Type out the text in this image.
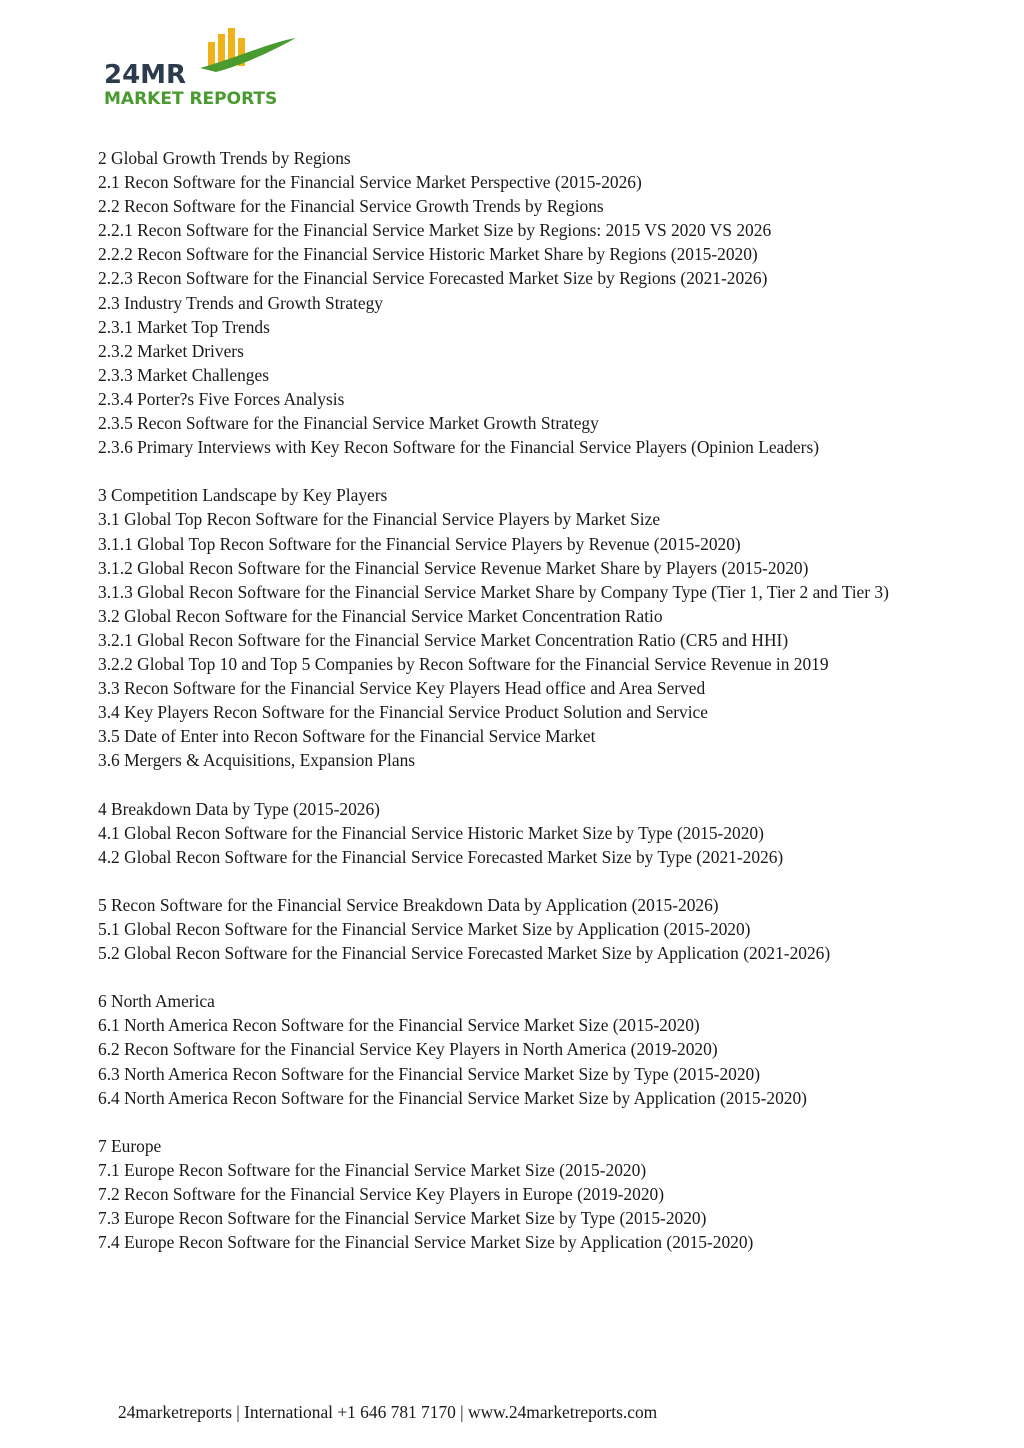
24MR
MARKET REPORTS
2 Global Growth Trends by Regions
2.1 Recon Software for the Financial Service Market Perspective (2015-2026)
2.2 Recon Software for the Financial Service Growth Trends by Regions
2.2.1 Recon Software for the Financial Service Market Size by Regions: 2015 VS 2020 VS 2026
2.2.2 Recon Software for the Financial Service Historic Market Share by Regions (2015-2020)
2.2.3 Recon Software for the Financial Service Forecasted Market Size by Regions (2021-2026)
2.3 Industry Trends and Growth Strategy
2.3.1 Market Top Trends
2.3.2 Market Drivers
2.3.3 Market Challenges
2.3.4 Porter?s Five Forces Analysis
2.3.5 Recon Software for the Financial Service Market Growth Strategy
2.3.6 Primary Interviews with Key Recon Software for the Financial Service Players (Opinion Leaders)
3 Competition Landscape by Key Players
3.1 Global Top Recon Software for the Financial Service Players by Market Size
3.1.1 Global Top Recon Software for the Financial Service Players by Revenue (2015-2020)
3.1.2 Global Recon Software for the Financial Service Revenue Market Share by Players (2015-2020)
3.1.3 Global Recon Software for the Financial Service Market Share by Company Type (Tier 1, Tier 2 and Tier 3)
3.2 Global Recon Software for the Financial Service Market Concentration Ratio
3.2.1 Global Recon Software for the Financial Service Market Concentration Ratio (CR5 and HHI)
3.2.2 Global Top 10 and Top 5 Companies by Recon Software for the Financial Service Revenue in 2019
3.3 Recon Software for the Financial Service Key Players Head office and Area Served
3.4 Key Players Recon Software for the Financial Service Product Solution and Service
3.5 Date of Enter into Recon Software for the Financial Service Market
3.6 Mergers & Acquisitions, Expansion Plans
4 Breakdown Data by Type (2015-2026)
4.1 Global Recon Software for the Financial Service Historic Market Size by Type (2015-2020)
4.2 Global Recon Software for the Financial Service Forecasted Market Size by Type (2021-2026)
5 Recon Software for the Financial Service Breakdown Data by Application (2015-2026)
5.1 Global Recon Software for the Financial Service Market Size by Application (2015-2020)
5.2 Global Recon Software for the Financial Service Forecasted Market Size by Application (2021-2026)
6 North America
6.1 North America Recon Software for the Financial Service Market Size (2015-2020)
6.2 Recon Software for the Financial Service Key Players in North America (2019-2020)
6.3 North America Recon Software for the Financial Service Market Size by Type (2015-2020)
6.4 North America Recon Software for the Financial Service Market Size by Application (2015-2020)
7 Europe
7.1 Europe Recon Software for the Financial Service Market Size (2015-2020)
7.2 Recon Software for the Financial Service Key Players in Europe (2019-2020)
7.3 Europe Recon Software for the Financial Service Market Size by Type (2015-2020)
7.4 Europe Recon Software for the Financial Service Market Size by Application (2015-2020)
24marketreports | International +1 646 781 7170 | www.24marketreports.com
